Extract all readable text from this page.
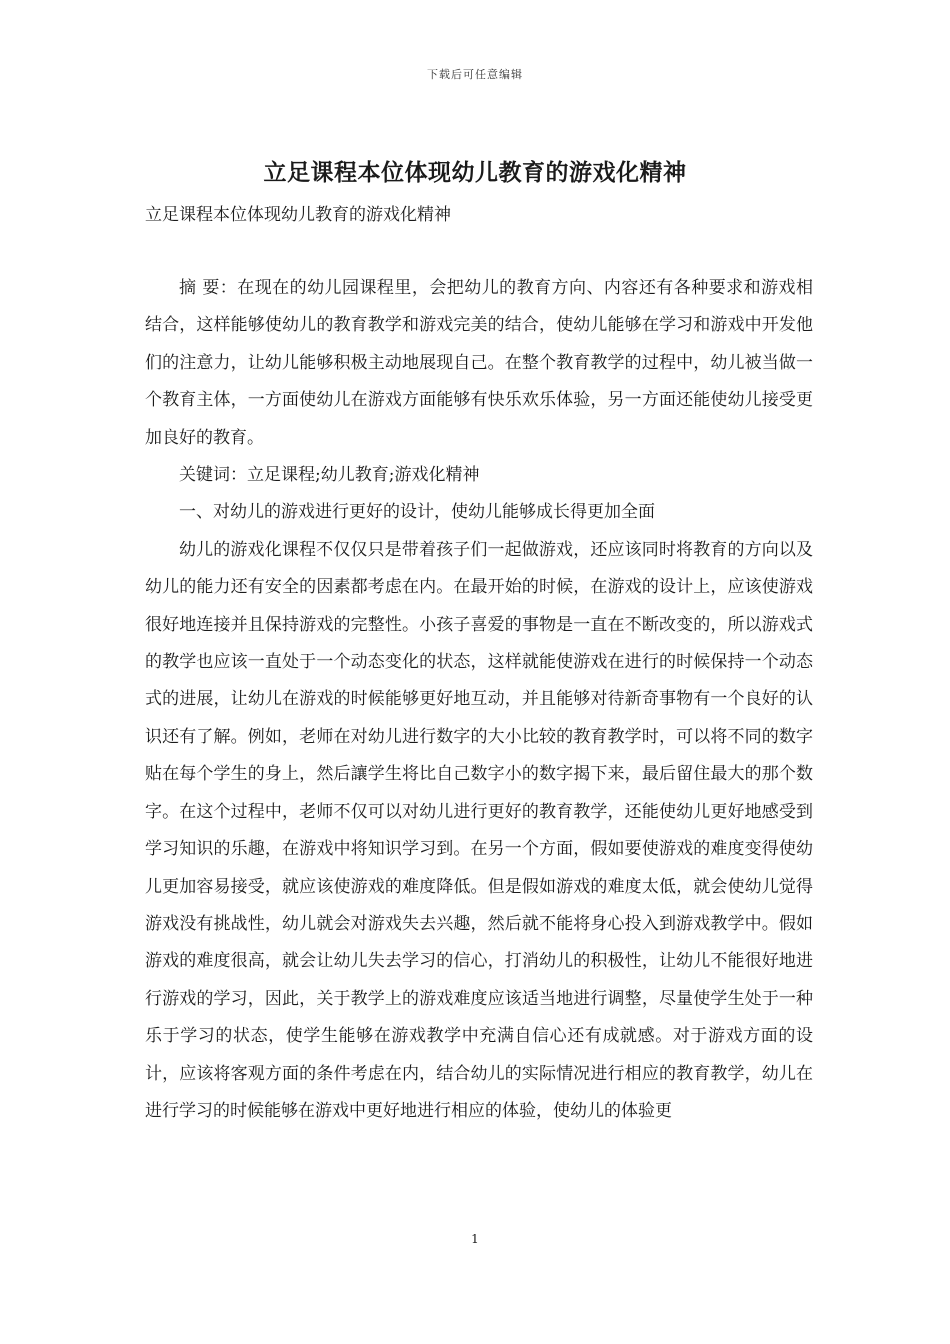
下载后可任意编辑
立足课程本位体现幼儿教育的游戏化精神
立足课程本位体现幼儿教育的游戏化精神

摘 要：在现在的幼儿园课程里，会把幼儿的教育方向、内容还有各种要求和游戏相结合，这样能够使幼儿的教育教学和游戏完美的结合，使幼儿能够在学习和游戏中开发他们的注意力，让幼儿能够积极主动地展现自己。在整个教育教学的过程中，幼儿被当做一个教育主体，一方面使幼儿在游戏方面能够有快乐欢乐体验，另一方面还能使幼儿接受更加良好的教育。

关键词：立足课程;幼儿教育;游戏化精神

一、对幼儿的游戏进行更好的设计，使幼儿能够成长得更加全面

幼儿的游戏化课程不仅仅只是带着孩子们一起做游戏，还应该同时将教育的方向以及幼儿的能力还有安全的因素都考虑在内。在最开始的时候，在游戏的设计上，应该使游戏很好地连接并且保持游戏的完整性。小孩子喜爱的事物是一直在不断改变的，所以游戏式的教学也应该一直处于一个动态变化的状态，这样就能使游戏在进行的时候保持一个动态式的进展，让幼儿在游戏的时候能够更好地互动，并且能够对待新奇事物有一个良好的认识还有了解。例如，老师在对幼儿进行数字的大小比较的教育教学时，可以将不同的数字贴在每个学生的身上，然后讓学生将比自己数字小的数字揭下来，最后留住最大的那个数字。在这个过程中，老师不仅可以对幼儿进行更好的教育教学，还能使幼儿更好地感受到学习知识的乐趣，在游戏中将知识学习到。在另一个方面，假如要使游戏的难度变得使幼儿更加容易接受，就应该使游戏的难度降低。但是假如游戏的难度太低，就会使幼儿觉得游戏没有挑战性，幼儿就会对游戏失去兴趣，然后就不能将身心投入到游戏教学中。假如游戏的难度很高，就会让幼儿失去学习的信心，打消幼儿的积极性，让幼儿不能很好地进行游戏的学习，因此，关于教学上的游戏难度应该适当地进行调整，尽量使学生处于一种乐于学习的状态，使学生能够在游戏教学中充满自信心还有成就感。对于游戏方面的设计，应该将客观方面的条件考虑在内，结合幼儿的实际情况进行相应的教育教学，幼儿在进行学习的时候能够在游戏中更好地进行相应的体验，使幼儿的体验更

1
